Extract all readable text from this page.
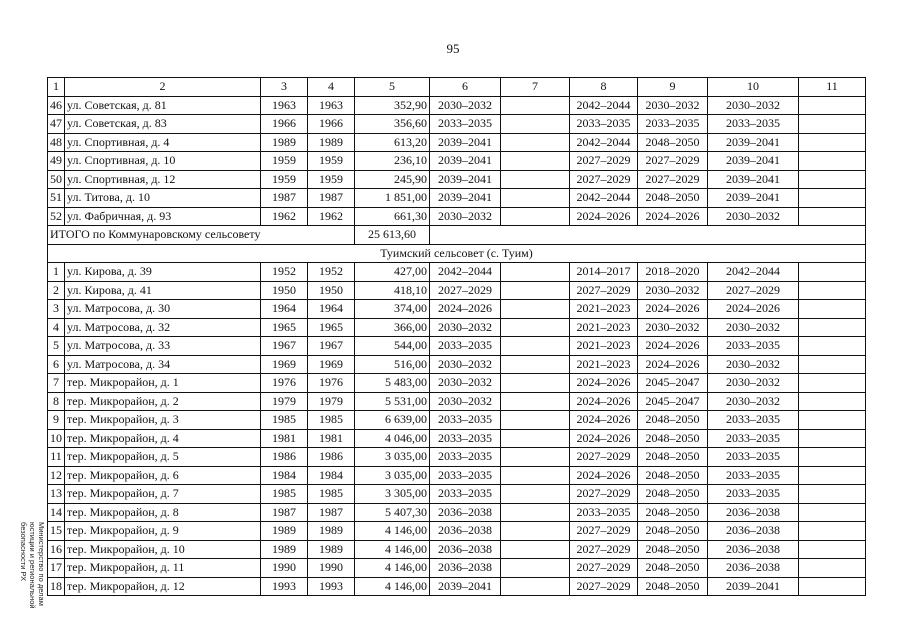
95
1	2	3	4	5	6	7	8	9	10	11
46	ул. Советская, д. 81	1963	1963	352,90	2030–2032		2042–2044	2030–2032	2030–2032	
47	ул. Советская, д. 83	1966	1966	356,60	2033–2035		2033–2035	2033–2035	2033–2035	
48	ул. Спортивная, д. 4	1989	1989	613,20	2039–2041		2042–2044	2048–2050	2039–2041	
49	ул. Спортивная, д. 10	1959	1959	236,10	2039–2041		2027–2029	2027–2029	2039–2041	
50	ул. Спортивная, д. 12	1959	1959	245,90	2039–2041		2027–2029	2027–2029	2039–2041	
51	ул. Титова, д. 10	1987	1987	1 851,00	2039–2041		2042–2044	2048–2050	2039–2041	
52	ул. Фабричная, д. 93	1962	1962	661,30	2030–2032		2024–2026	2024–2026	2030–2032	
ИТОГО по Коммунаровскому сельсовету				25 613,60						
Туимский сельсовет (с. Туим)										
1	ул. Кирова, д. 39	1952	1952	427,00	2042–2044		2014–2017	2018–2020	2042–2044	
2	ул. Кирова, д. 41	1950	1950	418,10	2027–2029		2027–2029	2030–2032	2027–2029	
3	ул. Матросова, д. 30	1964	1964	374,00	2024–2026		2021–2023	2024–2026	2024–2026	
4	ул. Матросова, д. 32	1965	1965	366,00	2030–2032		2021–2023	2030–2032	2030–2032	
5	ул. Матросова, д. 33	1967	1967	544,00	2033–2035		2021–2023	2024–2026	2033–2035	
6	ул. Матросова, д. 34	1969	1969	516,00	2030–2032		2021–2023	2024–2026	2030–2032	
7	тер. Микрорайон, д. 1	1976	1976	5 483,00	2030–2032		2024–2026	2045–2047	2030–2032	
8	тер. Микрорайон, д. 2	1979	1979	5 531,00	2030–2032		2024–2026	2045–2047	2030–2032	
9	тер. Микрорайон, д. 3	1985	1985	6 639,00	2033–2035		2024–2026	2048–2050	2033–2035	
10	тер. Микрорайон, д. 4	1981	1981	4 046,00	2033–2035		2024–2026	2048–2050	2033–2035	
11	тер. Микрорайон, д. 5	1986	1986	3 035,00	2033–2035		2027–2029	2048–2050	2033–2035	
12	тер. Микрорайон, д. 6	1984	1984	3 035,00	2033–2035		2024–2026	2048–2050	2033–2035	
13	тер. Микрорайон, д. 7	1985	1985	3 305,00	2033–2035		2027–2029	2048–2050	2033–2035	
14	тер. Микрорайон, д. 8	1987	1987	5 407,30	2036–2038		2033–2035	2048–2050	2036–2038	
15	тер. Микрорайон, д. 9	1989	1989	4 146,00	2036–2038		2027–2029	2048–2050	2036–2038	
16	тер. Микрорайон, д. 10	1989	1989	4 146,00	2036–2038		2027–2029	2048–2050	2036–2038	
17	тер. Микрорайон, д. 11	1990	1990	4 146,00	2036–2038		2027–2029	2048–2050	2036–2038	
18	тер. Микрорайон, д. 12	1993	1993	4 146,00	2039–2041		2027–2029	2048–2050	2039–2041	
Министерство по делам
юстиции и региональной
безопасности РХ
